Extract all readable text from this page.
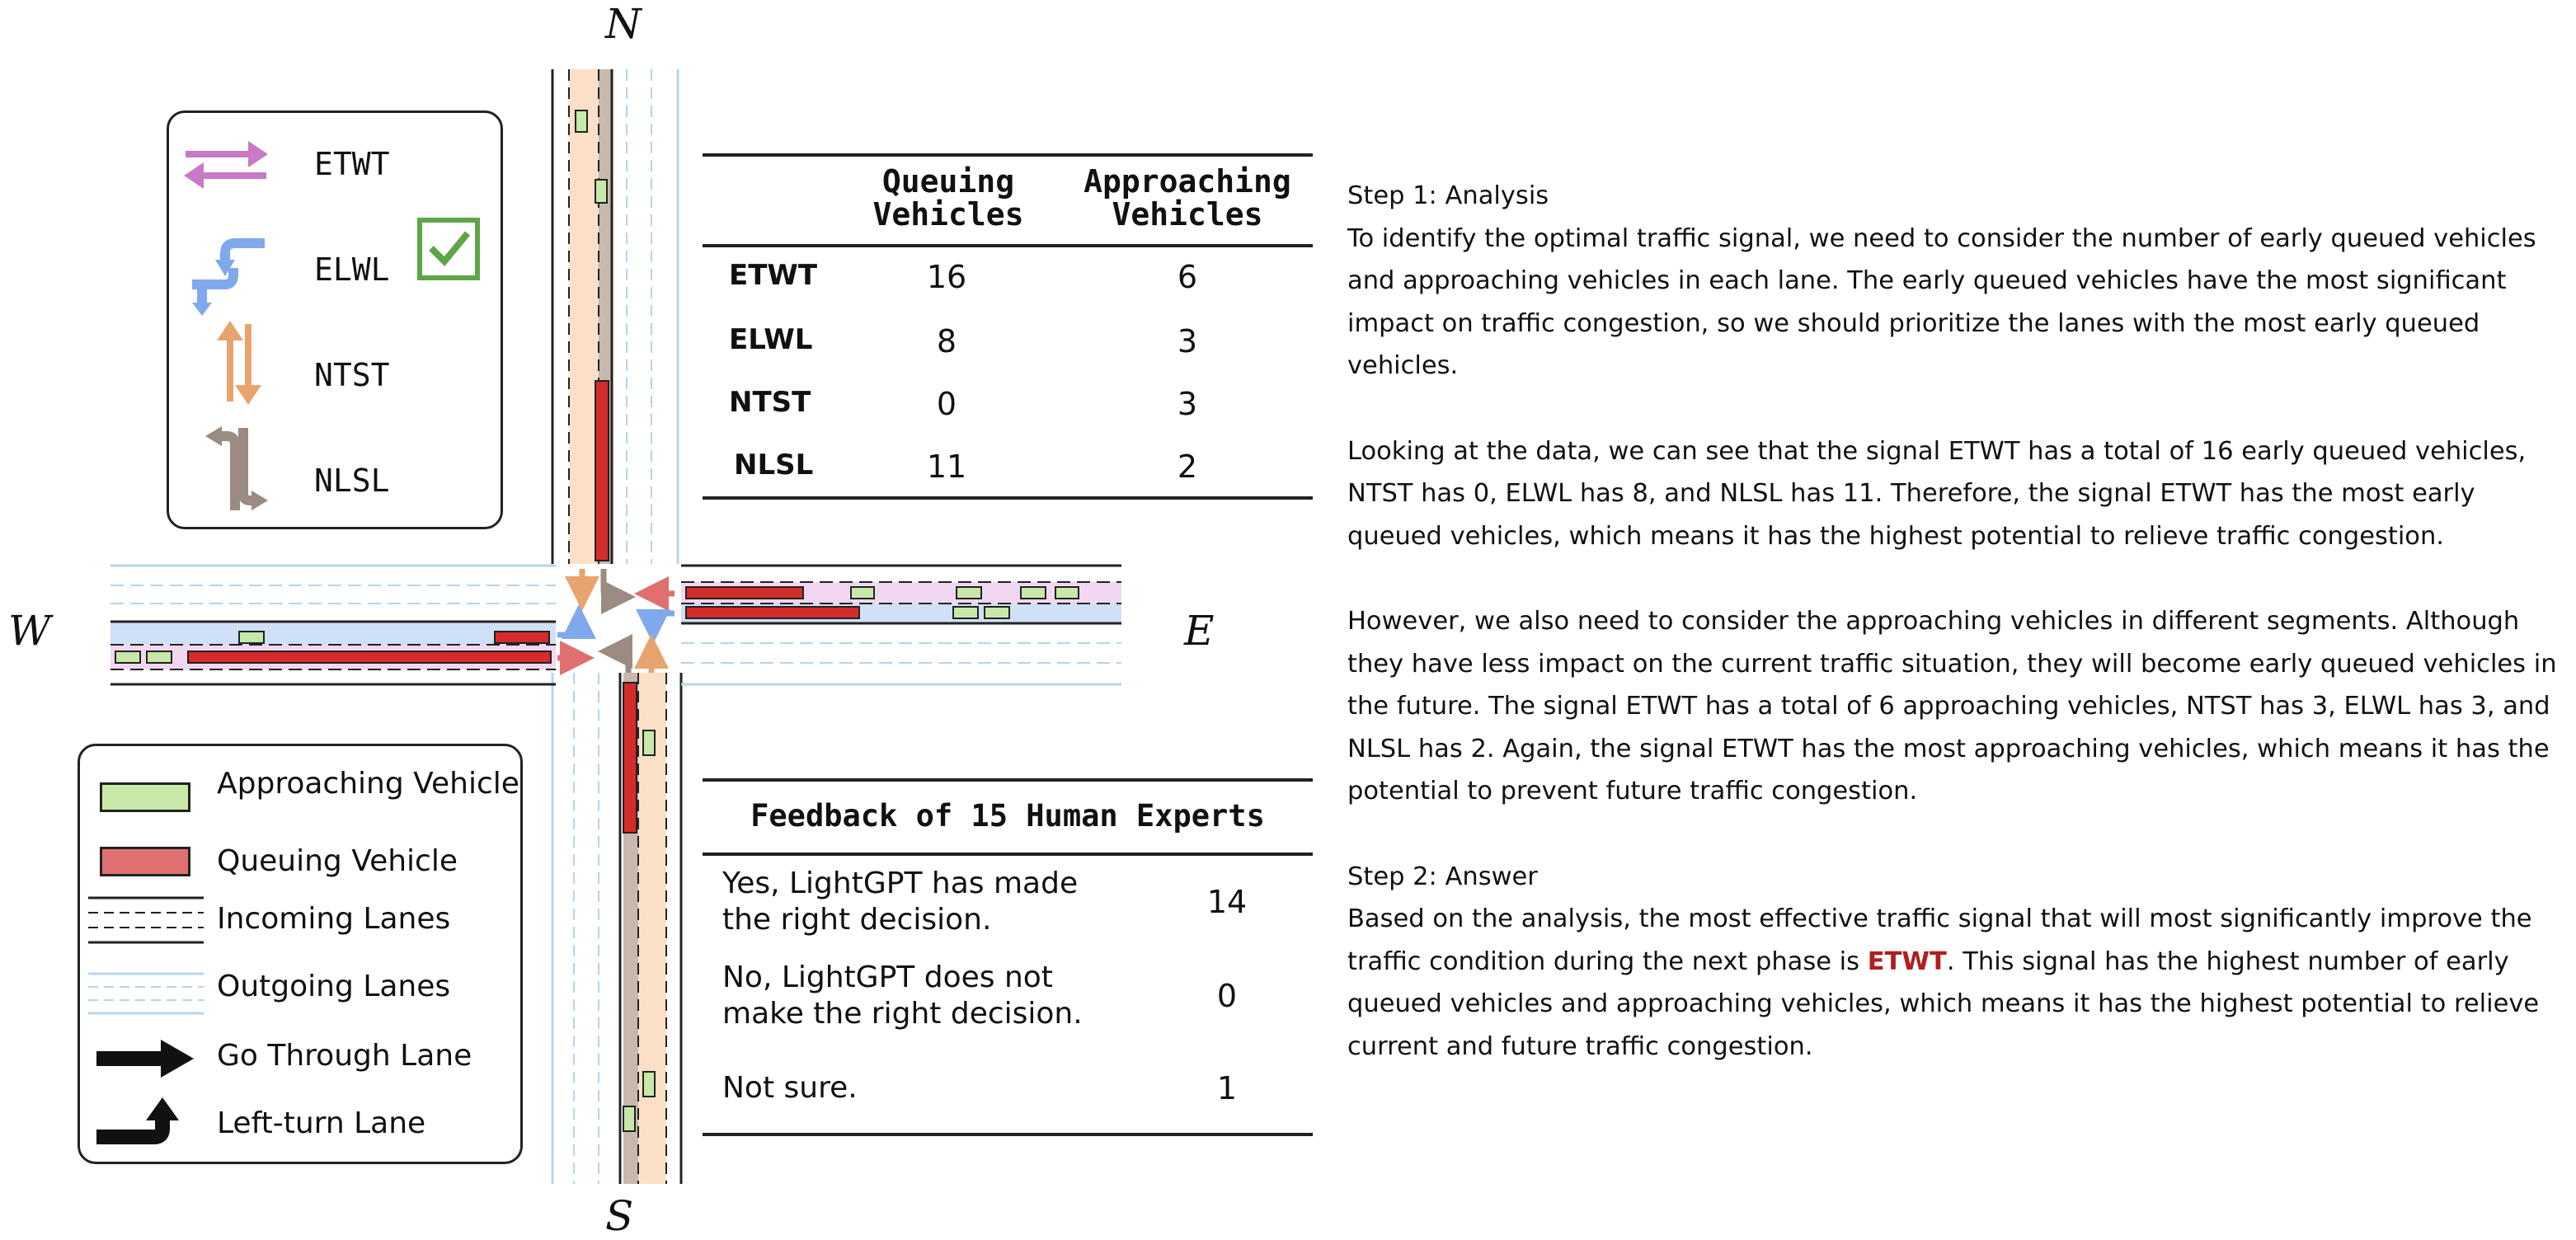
N
S
W	E
ETWT
ELWL
NTST
NLSL
Approaching Vehicle
Queuing Vehicle
Incoming Lanes
Outgoing Lanes
Go Through Lane
Left-turn Lane
Queuing Vehicles
Approaching Vehicles
ETWT	16	6
ELWL	8	3
NTST	0	3
NLSL	11	2
Feedback of 15 Human Experts
Yes, LightGPT has made the right decision.	14
No, LightGPT does not make the right decision.	0
Not sure.	1

Step 1: Analysis

To identify the optimal traffic signal, we need to consider the number of early queued vehicles and approaching vehicles in each lane. The early queued vehicles have the most significant impact on traffic congestion, so we should prioritize the lanes with the most early queued vehicles.

Looking at the data, we can see that the signal ETWT has a total of 16 early queued vehicles, NTST has 0, ELWL has 8, and NLSL has 11. Therefore, the signal ETWT has the most early queued vehicles, which means it has the highest potential to relieve traffic congestion.

However, we also need to consider the approaching vehicles in different segments. Although they have less impact on the current traffic situation, they will become early queued vehicles in the future. The signal ETWT has a total of 6 approaching vehicles, NTST has 3, ELWL has 3, and NLSL has 2. Again, the signal ETWT has the most approaching vehicles, which means it has the potential to prevent future traffic congestion.

Step 2: Answer

Based on the analysis, the most effective traffic signal that will most significantly improve the traffic condition during the next phase is ETWT. This signal has the highest number of early queued vehicles and approaching vehicles, which means it has the highest potential to relieve current and future traffic congestion.
